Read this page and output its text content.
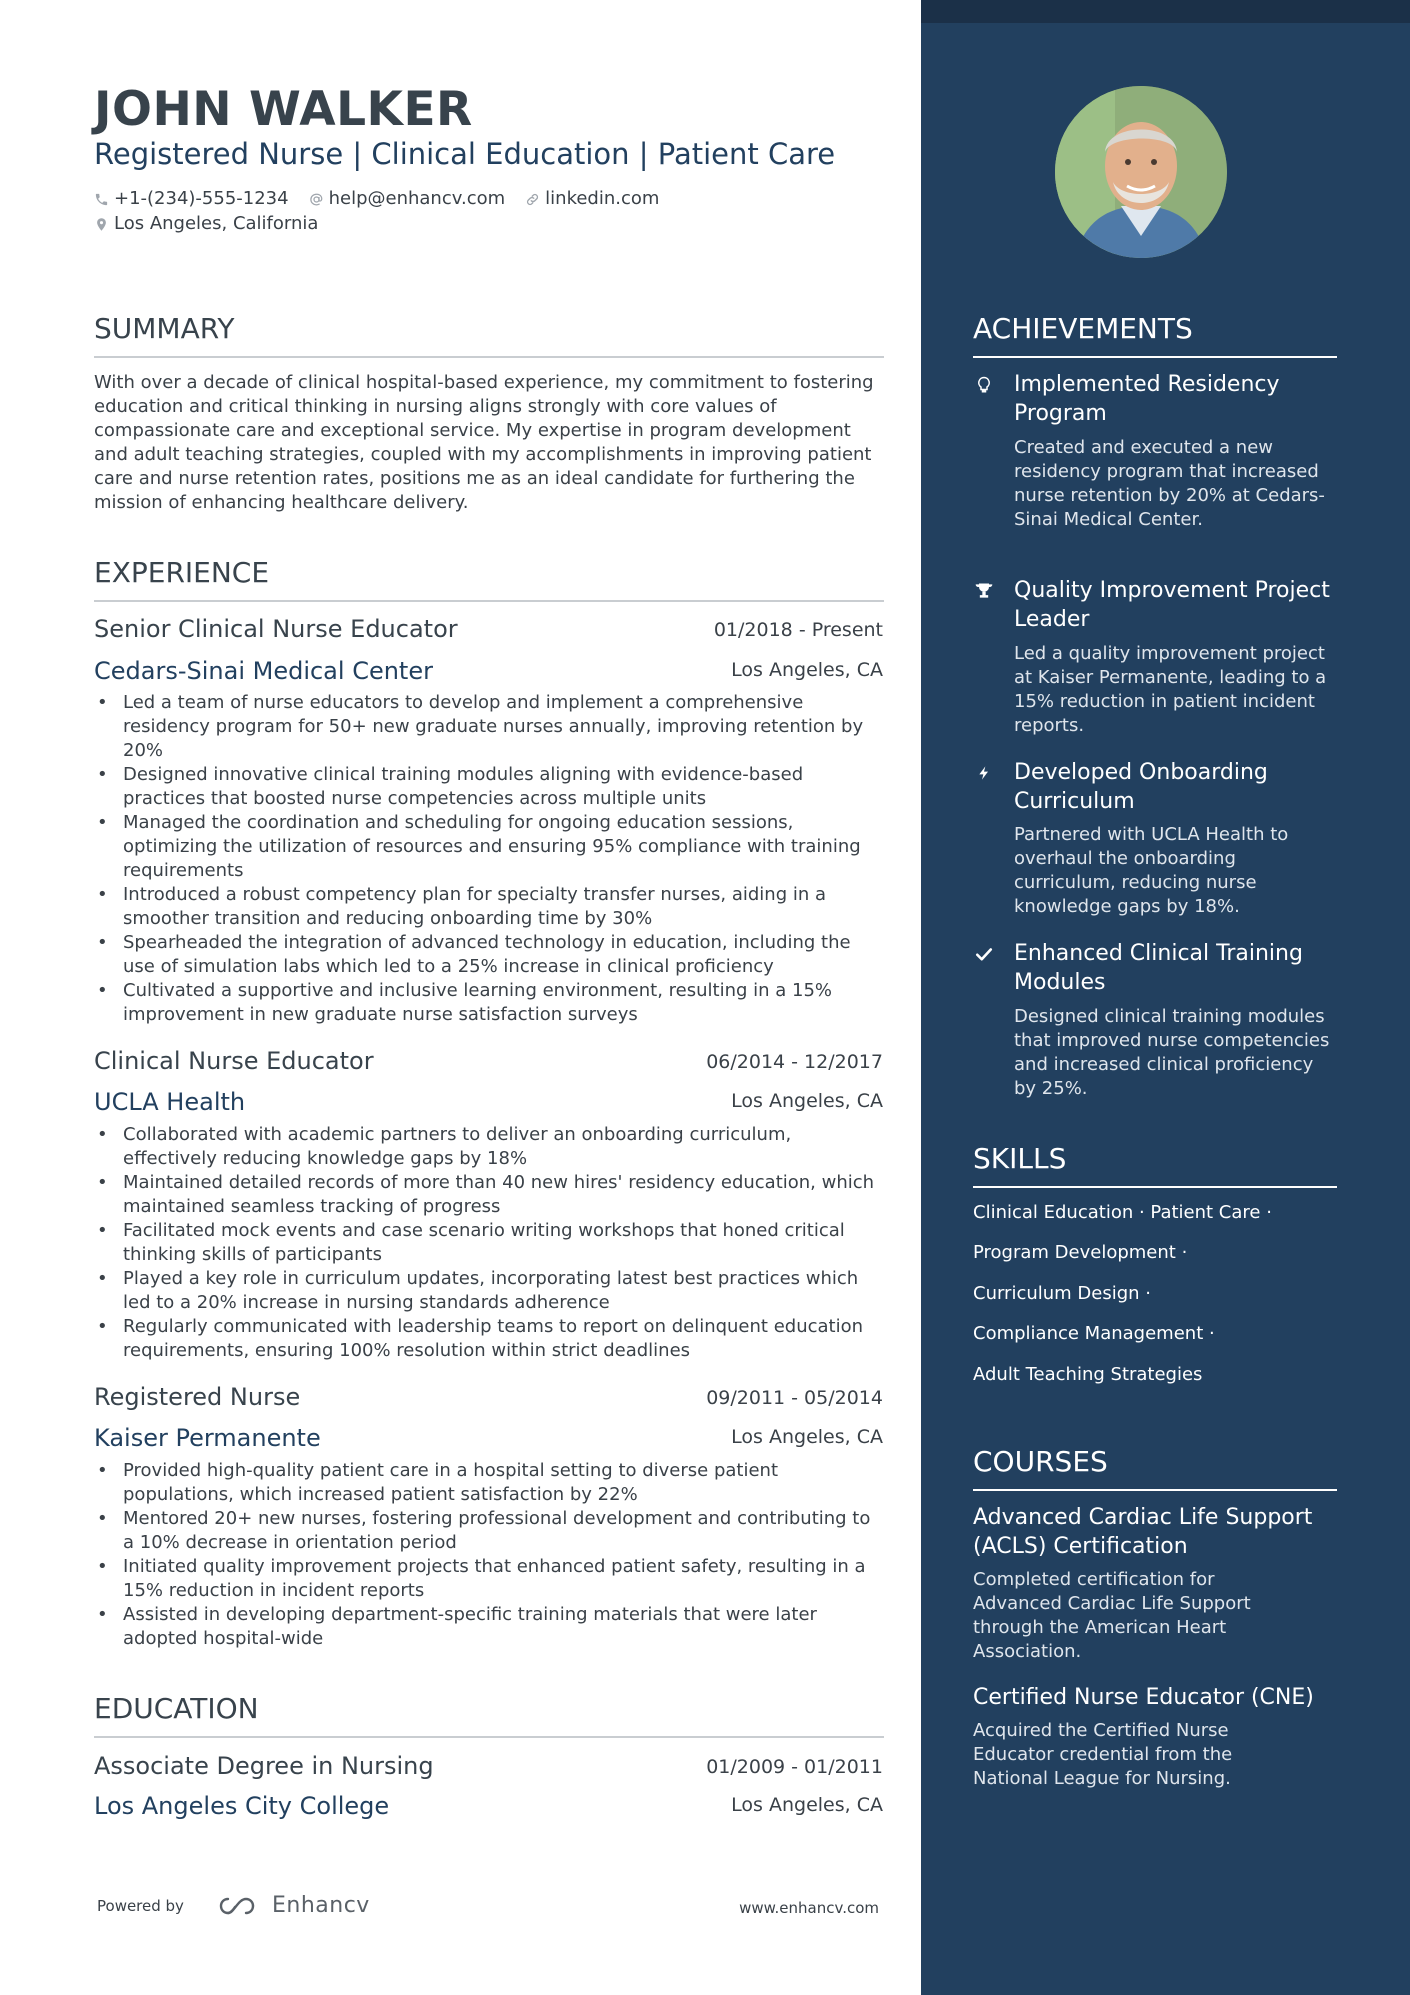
JOHN WALKER
Registered Nurse | Clinical Education | Patient Care
+1-(234)-555-1234 help@enhancv.com linkedin.com
Los Angeles, California
SUMMARY

With over a decade of clinical hospital-based experience, my commitment to fostering education and critical thinking in nursing aligns strongly with core values of compassionate care and exceptional service. My expertise in program development and adult teaching strategies, coupled with my accomplishments in improving patient care and nurse retention rates, positions me as an ideal candidate for furthering the mission of enhancing healthcare delivery.

EXPERIENCE
Senior Clinical Nurse Educator	01/2018 - Present
Cedars-Sinai Medical Center	Los Angeles, CA
• Led a team of nurse educators to develop and implement a comprehensive residency program for 50+ new graduate nurses annually, improving retention by 20%
• Designed innovative clinical training modules aligning with evidence-based practices that boosted nurse competencies across multiple units
• Managed the coordination and scheduling for ongoing education sessions, optimizing the utilization of resources and ensuring 95% compliance with training requirements
• Introduced a robust competency plan for specialty transfer nurses, aiding in a smoother transition and reducing onboarding time by 30%
• Spearheaded the integration of advanced technology in education, including the use of simulation labs which led to a 25% increase in clinical proficiency
• Cultivated a supportive and inclusive learning environment, resulting in a 15% improvement in new graduate nurse satisfaction surveys
Clinical Nurse Educator	06/2014 - 12/2017
UCLA Health	Los Angeles, CA
• Collaborated with academic partners to deliver an onboarding curriculum, effectively reducing knowledge gaps by 18%
• Maintained detailed records of more than 40 new hires' residency education, which maintained seamless tracking of progress
• Facilitated mock events and case scenario writing workshops that honed critical thinking skills of participants
• Played a key role in curriculum updates, incorporating latest best practices which led to a 20% increase in nursing standards adherence
• Regularly communicated with leadership teams to report on delinquent education requirements, ensuring 100% resolution within strict deadlines
Registered Nurse	09/2011 - 05/2014
Kaiser Permanente	Los Angeles, CA
• Provided high-quality patient care in a hospital setting to diverse patient populations, which increased patient satisfaction by 22%
• Mentored 20+ new nurses, fostering professional development and contributing to a 10% decrease in orientation period
• Initiated quality improvement projects that enhanced patient safety, resulting in a 15% reduction in incident reports
• Assisted in developing department-specific training materials that were later adopted hospital-wide
EDUCATION
Associate Degree in Nursing	01/2009 - 01/2011
Los Angeles City College	Los Angeles, CA
Powered by	Enhancv	www.enhancv.com
ACHIEVEMENTS

Implemented Residency Program

Created and executed a new residency program that increased nurse retention by 20% at Cedars-Sinai Medical Center.

Quality Improvement Project Leader

Led a quality improvement project at Kaiser Permanente, leading to a 15% reduction in patient incident reports.

Developed Onboarding Curriculum

Partnered with UCLA Health to overhaul the onboarding curriculum, reducing nurse knowledge gaps by 18%.

Enhanced Clinical Training Modules

Designed clinical training modules that improved nurse competencies and increased clinical proficiency by 25%.

SKILLS
Clinical Education · Patient Care ·
Program Development ·
Curriculum Design ·
Compliance Management ·
Adult Teaching Strategies
COURSES

Advanced Cardiac Life Support (ACLS) Certification

Completed certification for Advanced Cardiac Life Support through the American Heart Association.

Certified Nurse Educator (CNE)

Acquired the Certified Nurse Educator credential from the National League for Nursing.
